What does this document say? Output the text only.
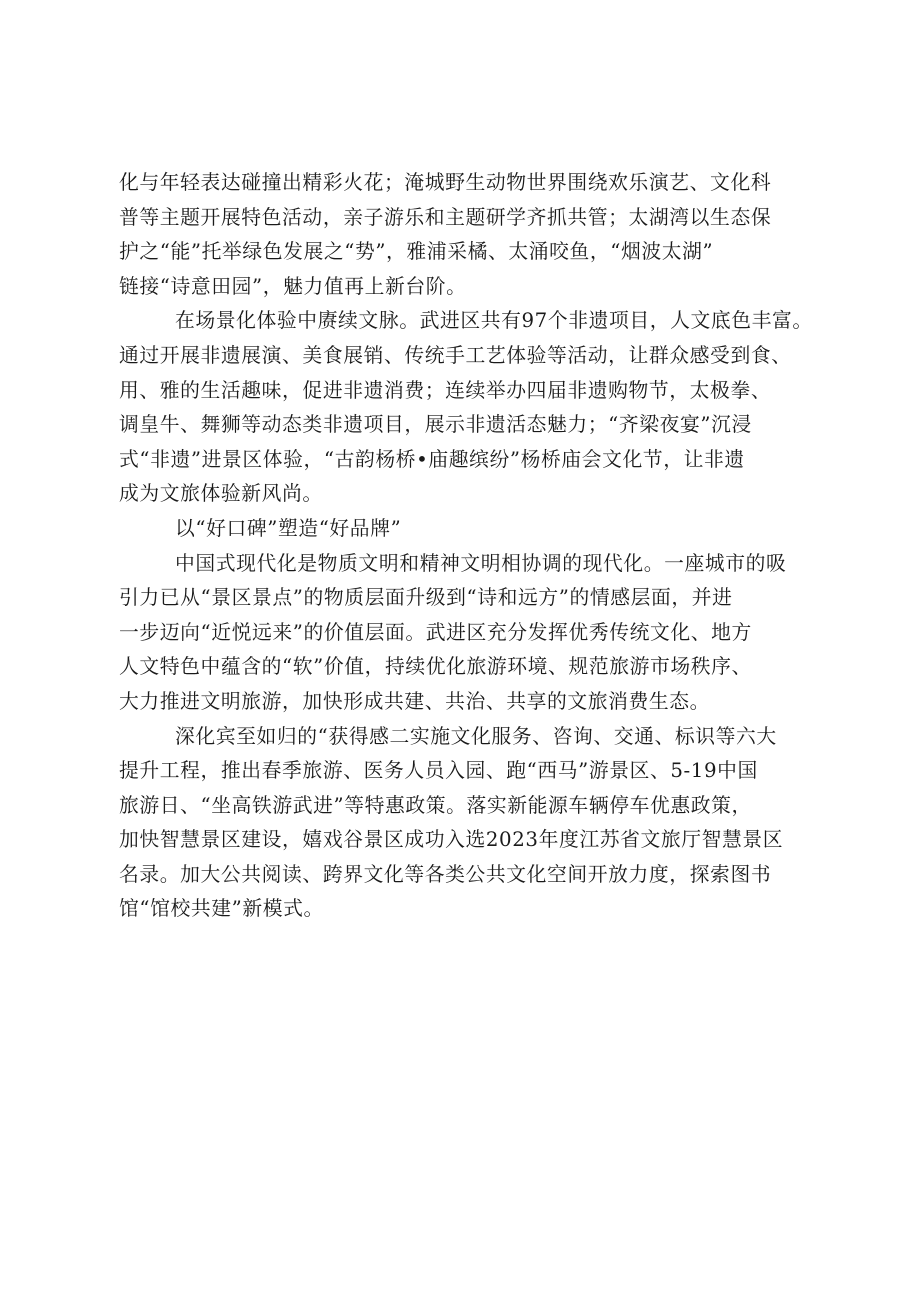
化与年轻表达碰撞出精彩火花；淹城野生动物世界围绕欢乐演艺、文化科
普等主题开展特色活动，亲子游乐和主题研学齐抓共管；太湖湾以生态保
护之“能”托举绿色发展之“势”，雅浦采橘、太涌咬鱼，“烟波太湖”
链接“诗意田园”，魅力值再上新台阶。
在场景化体验中赓续文脉。武进区共有97个非遗项目，人文底色丰富。
通过开展非遗展演、美食展销、传统手工艺体验等活动，让群众感受到食、
用、雅的生活趣味，促进非遗消费；连续举办四届非遗购物节，太极拳、
调皇牛、舞狮等动态类非遗项目，展示非遗活态魅力；“齐梁夜宴”沉浸
式“非遗”进景区体验，“古韵杨桥•庙趣缤纷”杨桥庙会文化节，让非遗
成为文旅体验新风尚。
以“好口碑”塑造“好品牌”
中国式现代化是物质文明和精神文明相协调的现代化。一座城市的吸
引力已从“景区景点”的物质层面升级到“诗和远方”的情感层面，并进
一步迈向“近悦远来”的价值层面。武进区充分发挥优秀传统文化、地方
人文特色中蕴含的“软”价值，持续优化旅游环境、规范旅游市场秩序、
大力推进文明旅游，加快形成共建、共治、共享的文旅消费生态。
深化宾至如归的“获得感二实施文化服务、咨询、交通、标识等六大
提升工程，推出春季旅游、医务人员入园、跑“西马”游景区、5-19中国
旅游日、“坐高铁游武进”等特惠政策。落实新能源车辆停车优惠政策，
加快智慧景区建设，嬉戏谷景区成功入选2023年度江苏省文旅厅智慧景区
名录。加大公共阅读、跨界文化等各类公共文化空间开放力度，探索图书
馆“馆校共建”新模式。
